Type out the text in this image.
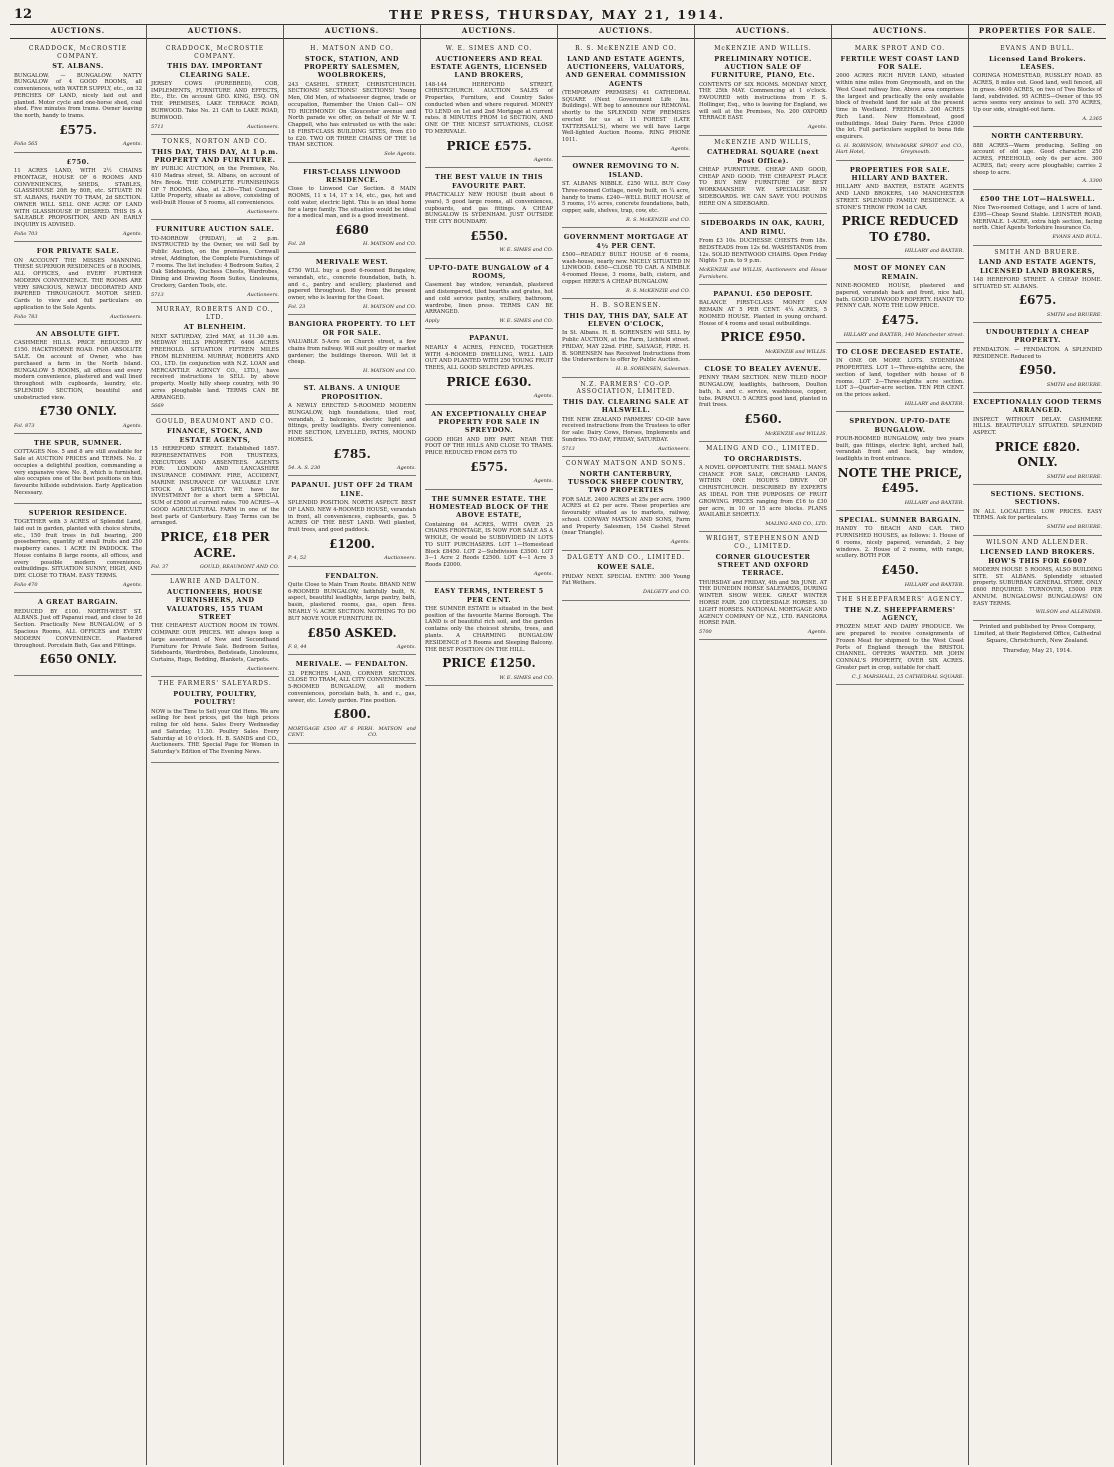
12	THE PRESS, THURSDAY, MAY 21, 1914.
AUCTIONS.
CRADDOCK, McCROSTIE COMPANY.
ST. ALBANS.

BUNGALOW. — BUNGALOW. NATTY BUNGALOW of 4 GOOD ROOMS, all conveniences, with WATER SUPPLY, etc., on 32 PERCHES OF LAND, nicely laid out and planted. Motor cycle and one-horse shed, coal shed. Five minutes from trams. Owner leaving the north, handy to trams.

£575.
Folio 565	Agents.
£750.

11 ACRES LAND, WITH 2½ CHAINS FRONTAGE, HOUSE OF 6 ROOMS AND CONVENIENCES, SHEDS, STABLES, GLASSHOUSE 20ft by 80ft, etc. SITUATE IN ST. ALBANS, HANDY TO TRAM, 2d SECTION. OWNER WILL SELL ONE ACRE OF LAND WITH GLASSHOUSE IF DESIRED. THIS IS A SALEABLE PROPOSITION, AND AN EARLY INQUIRY IS ADVISED.

Folio 703	Agents.
FOR PRIVATE SALE.

ON ACCOUNT THE MISSES MANNING. THESE SUPERIOR RESIDENCES of 8 ROOMS, ALL OFFICES, and EVERY FURTHER MODERN CONVENIENCE. THE ROOMS ARE VERY SPACIOUS, NEWLY DECORATED AND PAPERED THROUGHOUT. MOTOR SHED. Cards to view and full particulars on application to the Sole Agents.

Folio 783	Auctioneers.
AN ABSOLUTE GIFT.

CASHMERE HILLS. PRICE REDUCED BY £150. HACKTHORNE ROAD. FOR ABSOLUTE SALE. On account of Owner, who has purchased a farm in the North Island. BUNGALOW 5 ROOMS, all offices and every modern convenience, plastered and wall lined throughout with cupboards, laundry, etc. SPLENDID SECTION, beautiful and unobstructed view.

£730 ONLY.
Fol. 873	Agents.
THE SPUR, SUMNER.

COTTAGES Nos. 5 and 8 are still available for Sale at AUCTION PRICES and TERMS. No. 2 occupies a delightful position, commanding a very expansive view. No. 8, which is furnished, also occupies one of the best positions on this favourite hillside subdivision. Early Application Necessary.

SUPERIOR RESIDENCE.

TOGETHER with 3 ACRES of Splendid Land, laid out in garden, planted with choice shrubs, etc., 150 fruit trees in full bearing, 200 gooseberries, quantity of small fruits and 250 raspberry canes. 1 ACRE IN PADDOCK. The House contains 8 large rooms, all offices, and every possible modern convenience, outbuildings. SITUATION SUNNY, HIGH, AND DRY. CLOSE TO TRAM. EASY TERMS.

Folio 470	Agents.
A GREAT BARGAIN.

REDUCED BY £100. NORTH-WEST ST. ALBANS. Just off Papanui road, and close to 2d Section. Practically New BUNGALOW, of 5 Spacious Rooms, ALL OFFICES and EVERY MODERN CONVENIENCE. Plastered throughout. Porcelain Bath, Gas and Fittings.

£650 ONLY.
AUCTIONS.
CRADDOCK, McCROSTIE COMPANY.
THIS DAY. IMPORTANT CLEARING SALE.

JERSEY COWS (PUREBRED), COB, IMPLEMENTS, FURNITURE AND EFFECTS, Etc., Etc. On account GEO. KING, ESQ. ON THE PREMISES, LAKE TERRACE ROAD, BURWOOD. Take No. 21 CAR to LAKE ROAD, BURWOOD.

5711	Auctioneers.
TONKS, NORTON AND CO.
THIS DAY, THIS DAY, At 1 p.m. PROPERTY AND FURNITURE.

BY PUBLIC AUCTION, on the Premises, No. 410 Madras street, St. Albans, on account of Mrs Brook. THE COMPLETE FURNISHINGS OF 7 ROOMS. Also, at 2.30—That Compact Little Property, situate as above, consisting of well-built House of 5 rooms, all conveniences.

Auctioneers.
FURNITURE AUCTION SALE.

TO-MORROW (FRIDAY), at 2 p.m. INSTRUCTED by the Owner, we will Sell by Public Auction, on the premises, Cornwall street, Addington, the Complete Furnishings of 7 rooms. The list includes: 4 Bedroom Suites, 2 Oak Sideboards, Duchess Chests, Wardrobes, Dining and Drawing Room Suites, Linoleums, Crockery, Garden Tools, etc.

5713	Auctioneers.
MURRAY, ROBERTS AND CO., LTD.
AT BLENHEIM.

NEXT SATURDAY, 23rd MAY, at 11.30 a.m. MEDWAY HILLS PROPERTY. 6466 ACRES FREEHOLD. SITUATION FIFTEEN MILES FROM BLENHEIM. MURRAY, ROBERTS AND CO., LTD. (in conjunction with N.Z. LOAN and MERCANTILE AGENCY CO., LTD.), have received instructions to SELL by above property. Mostly hilly sheep country, with 90 acres ploughable land. TERMS CAN BE ARRANGED.

5669
GOULD, BEAUMONT AND CO.
FINANCE, STOCK, AND ESTATE AGENTS,

15 HEREFORD STREET. Established 1857. REPRESENTATIVES FOR TRUSTEES, EXECUTORS AND ABSENTEES. AGENTS FOR: LONDON AND LANCASHIRE INSURANCE COMPANY. FIRE, ACCIDENT, MARINE INSURANCE OF VALUABLE LIVE STOCK A SPECIALITY. WE have for INVESTMENT for a short term a SPECIAL SUM of £5000 at current rates. 700 ACRES—A GOOD AGRICULTURAL FARM in one of the best parts of Canterbury. Easy Terms can be arranged.

PRICE, £18 PER ACRE.
Fol. 37	GOULD, BEAUMONT AND CO.
LAWRIE AND DALTON.
AUCTIONEERS, HOUSE FURNISHERS, AND VALUATORS, 155 TUAM STREET

THE CHEAPEST AUCTION ROOM IN TOWN. COMPARE OUR PRICES. WE always keep a large assortment of New and Secondhand Furniture for Private Sale. Bedroom Suites, Sideboards, Wardrobes, Bedsteads, Linoleums, Curtains, Rugs, Bedding, Blankets, Carpets.

Auctioneers.
THE FARMERS' SALEYARDS.
POULTRY, POULTRY, POULTRY!

NOW is the Time to Sell your Old Hens. We are selling for best prices, get the high prices ruling for old hens. Sales Every Wednesday and Saturday, 11.30. Poultry Sales Every Saturday at 10 o'clock. H. B. SANDS and CO., Auctioneers. THE Special Page for Women in Saturday's Edition of The Evening News.

AUCTIONS.
H. MATSON AND CO.
STOCK, STATION, AND PROPERTY SALESMEN, WOOLBROKERS,

243 CASHEL STREET, CHRISTCHURCH. SECTIONS! SECTIONS! SECTIONS! Young Men, Old Men, of whatsoever degree, trade or occupation, Remember the Union Call— ON TO RICHMOND! On Gloucester avenue and North parade we offer, on behalf of Mr W. T. Chappell, who has entrusted us with the sale: 18 FIRST-CLASS BUILDING SITES, from £10 to £20. TWO OR THREE CHAINS OF THE 1d TRAM SECTION.

Sole Agents.
FIRST-CLASS LINWOOD RESIDENCE.

Close to Linwood Car Section. 8 MAIN ROOMS, 11 x 14, 17 x 14, etc., gas, hot and cold water, electric light. This is an ideal home for a large family. The situation would be ideal for a medical man, and is a good investment.

£680
Fol. 28	H. MATSON and CO.
MERIVALE WEST.

£750 WILL buy a good 6-roomed Bungalow, verandah, etc., concrete foundation, bath, h. and c., pantry and scullery, plastered and papered throughout. Buy from the present owner, who is leaving for the Coast.

Fol. 23	H. MATSON and CO.
BANGIORA PROPERTY. TO LET OR FOR SALE.

VALUABLE 5-Acre on Church street, a few chains from railway. Will suit poultry or market gardener; the buildings thereon. Will let it cheap.

H. MATSON and CO.
ST. ALBANS. A UNIQUE PROPOSITION.

A NEWLY ERECTED 5-ROOMED MODERN BUNGALOW, high foundations, tiled roof, verandah, 2 balconies, electric light and fittings, pretty leadlights. Every convenience. FINE SECTION, LEVELLED, PATHS, MOUND HORSES.

£785.
54. A. S. 230	Agents.
PAPANUI. JUST OFF 2d TRAM LINE.

SPLENDID POSITION. NORTH ASPECT. BEST OF LAND. NEW 4-ROOMED HOUSE, verandah in front, all conveniences, cupboards, gas. 5 ACRES OF THE BEST LAND. Well planted, fruit trees, and good paddock.

£1200.
P. 4, 52	Auctioneers.
FENDALTON.

Quite Close to Main Tram Route. BRAND NEW 6-ROOMED BUNGALOW, faithfully built, N. aspect, beautiful leadlights, large pantry, bath, basin, plastered rooms, gas, open fires. NEARLY ¼ ACRE SECTION. NOTHING TO DO BUT MOVE YOUR FURNITURE IN.

£850 ASKED.
F. 8, 44	Agents.
MERIVALE. — FENDALTON.

32 PERCHES LAND, CORNER SECTION. CLOSE TO TRAM, ALL CITY CONVENIENCES. 5-ROOMED BUNGALOW, all modern conveniences, porcelain bath, h. and c., gas, sewer, etc. Lovely garden. Fine position.

£800.
MORTGAGE £500 AT 6 PER CENT.
H. MATSON and CO.
AUCTIONS.
W. E. SIMES AND CO.
AUCTIONEERS AND REAL ESTATE AGENTS, LICENSED LAND BROKERS,

148-144 HEREFORD STREET, CHRISTCHURCH. AUCTION SALES of Properties, Furniture, and Country Sales conducted when and where required. MONEY TO LEND on 1st and 2nd Mortgage at current rates. 8 MINUTES FROM 1d SECTION, AND ONE OF THE NICEST SITUATIONS, CLOSE TO MERIVALE.

PRICE £575.
Agents.
THE BEST VALUE IN THIS FAVOURITE PART.

PRACTICALLY NEW HOUSE (built about 6 years), 5 good large rooms, all conveniences, cupboards, and gas fittings. A CHEAP BUNGALOW IS SYDENHAM. JUST OUTSIDE THE CITY BOUNDARY.

£550.
W. E. SIMES and CO.
UP-TO-DATE BUNGALOW of 4 ROOMS,

Casement bay window, verandah, plastered and distempered, tiled hearths and grates, hot and cold service pantry, scullery, bathroom, wardrobe, linen press. TERMS CAN BE ARRANGED.

Apply	W. E. SIMES and CO.
PAPANUI.

NEARLY 4 ACRES, FENCED, TOGETHER WITH 4-ROOMED DWELLING, WELL LAID OUT AND PLANTED WITH 250 YOUNG FRUIT TREES, ALL GOOD SELECTED APPLES.

PRICE £630.
Agents.
AN EXCEPTIONALLY CHEAP PROPERTY FOR SALE IN SPREYDON.

GOOD HIGH AND DRY PART. NEAR THE FOOT OF THE HILLS AND CLOSE TO TRAMS. PRICE REDUCED FROM £675 TO

£575.
Agents.
THE SUMNER ESTATE. THE HOMESTEAD BLOCK OF THE ABOVE ESTATE,

Containing 64 ACRES, WITH OVER 25 CHAINS FRONTAGE, IS NOW FOR SALE AS A WHOLE, Or would be SUBDIVIDED IN LOTS TO SUIT PURCHASERS. LOT 1—Homestead Block £8450. LOT 2—Subdivision £3500. LOT 3—1 Acre 2 Roods £2500. LOT 4—1 Acre 3 Roods £2000.

Agents.
EASY TERMS, INTEREST 5 PER CENT.

THE SUMNER ESTATE is situated in the best position of the favourite Marine Borough. The LAND is of beautiful rich soil, and the garden contains only the choicest shrubs, trees, and plants. A CHARMING BUNGALOW RESIDENCE of 5 Rooms and Sleeping Balcony. THE BEST POSITION ON THE HILL.

PRICE £1250.
W. E. SIMES and CO.
AUCTIONS.
R. S. McKENZIE AND CO.
LAND AND ESTATE AGENTS, AUCTIONEERS, VALUATORS, AND GENERAL COMMISSION AGENTS

(TEMPORARY PREMISES) 41 CATHEDRAL SQUARE (Next Government Life Ins. Buildings). WE beg to announce our REMOVAL shortly to the SPLENDID NEW PREMISES erected for us at 11 FOREST (LATE TATTERSALL'S), where we will have Large Well-lighted Auction Rooms. RING PHONE 1011.

Agents.
OWNER REMOVING TO N. ISLAND.

ST. ALBANS NIBBLE. £250 WILL BUY Cosy Three-roomed Cottage, newly built, on ¼ acre, handy to trams. £240—WELL BUILT HOUSE of 5 rooms, 1½ acres, concrete foundations, bath, copper, safe, shelves, trap, cow, etc.

R. S. McKENZIE and CO.
GOVERNMENT MORTGAGE AT 4½ PER CENT.

£500—READILY BUILT HOUSE of 6 rooms, wash-house, nearly new. NICELY SITUATED IN LINWOOD. £450—CLOSE TO CAR. A NIMBLE 4-roomed House, 3 rooms, bath, cistern, and copper. HERE'S A CHEAP BUNGALOW.

R. S. McKENZIE and CO.
H. B. SORENSEN.
THIS DAY, THIS DAY, SALE AT ELEVEN O'CLOCK,

In St. Albans. H. B. SORENSEN will SELL by Public AUCTION, at the Farm, Lichfield street. FRIDAY, MAY 22nd. FIRE, SALVAGE, FIRE. H. B. SORENSEN has Received Instructions from the Underwriters to offer by Public Auction.

H. B. SORENSEN, Salesman.
N.Z. FARMERS' CO-OP. ASSOCIATION, LIMITED.
THIS DAY. CLEARING SALE AT HALSWELL.

THE NEW ZEALAND FARMERS' CO-OP. have received instructions from the Trustees to offer for sale: Dairy Cows, Horses, Implements and Sundries. TO-DAY, FRIDAY, SATURDAY.

5713	Auctioneers.
CONWAY MATSON AND SONS.
NORTH CANTERBURY, TUSSOCK SHEEP COUNTRY, TWO PROPERTIES

FOR SALE. 2400 ACRES at 25s per acre. 1900 ACRES at £2 per acre. These properties are favourably situated as to markets, railway, school. CONWAY MATSON AND SONS, Farm and Property Salesmen, 154 Cashel Street (near Triangle).

Agents.
DALGETY AND CO., LIMITED.
KOWEE SALE.

FRIDAY NEXT. SPECIAL ENTRY: 300 Young Fat Wethers.

DALGETY and CO.
AUCTIONS.
McKENZIE AND WILLIS.
PRELIMINARY NOTICE. AUCTION SALE OF FURNITURE, PIANO, Etc.

CONTENTS OF SIX ROOMS. MONDAY NEXT, THE 25th MAY. Commencing at 1 o'clock. FAVOURED with instructions from F. S. Hollinger, Esq., who is leaving for England, we will sell at the Premises, No. 200 OXFORD TERRACE EAST.

Agents.
McKENZIE AND WILLIS,
CATHEDRAL SQUARE (next Post Office).

CHEAP FURNITURE. CHEAP AND GOOD, CHEAP AND GOOD. THE CHEAPEST PLACE TO BUY NEW FURNITURE OF BEST WORKMANSHIP. WE SPECIALISE IN SIDEBOARDS. WE CAN SAVE YOU POUNDS HERE ON A SIDEBOARD.

SIDEBOARDS IN OAK, KAURI, AND RIMU.

From £3 10s. DUCHESSE CHESTS from 18s. BEDSTEADS from 12s 6d. WASHSTANDS from 12s. SOLID BENTWOOD CHAIRS. Open Friday Nights 7 p.m. to 9 p.m.

McKENZIE and WILLIS, Auctioneers and House Furnishers.
PAPANUI. £50 DEPOSIT.

BALANCE FIRST-CLASS MONEY CAN REMAIN AT 5 PER CENT. 4¼ ACRES, 5 ROOMED HOUSE. Planted in young orchard. House of 4 rooms and usual outbuildings.

PRICE £950.
McKENZIE and WILLIS.
CLOSE TO BEALEY AVENUE.

PENNY TRAM SECTION. NEW TILED ROOF BUNGALOW, leadlights, bathroom, Doulton bath, h. and c. service, washhouse, copper, tubs. PAPANUI. 5 ACRES good land, planted in fruit trees.

£560.
McKENZIE and WILLIS.
MALING AND CO., LIMITED.
TO ORCHARDISTS.

A NOVEL OPPORTUNITY. THE SMALL MAN'S CHANCE FOR SALE, ORCHARD LANDS, WITHIN ONE HOUR'S DRIVE OF CHRISTCHURCH. DESCRIBED BY EXPERTS AS IDEAL FOR THE PURPOSES OF FRUIT GROWING. PRICES ranging from £16 to £30 per acre, in 10 or 15 acre blocks. PLANS AVAILABLE SHORTLY.

MALING AND CO., LTD.
WRIGHT, STEPHENSON AND CO., LIMITED.
CORNER GLOUCESTER STREET AND OXFORD TERRACE.

THURSDAY and FRIDAY, 4th and 5th JUNE. AT THE DUNEDIN HORSE SALEYARDS, DURING WINTER SHOW WEEK. GREAT WINTER HORSE FAIR. 200 CLYDESDALE HORSES. 30 LIGHT HORSES. NATIONAL MORTGAGE AND AGENCY COMPANY OF N.Z., LTD. RANGIORA HORSE FAIR.

5700	Agents.
AUCTIONS.
MARK SPROT AND CO.
FERTILE WEST COAST LAND FOR SALE.

2000 ACRES RICH RIVER LAND, situated within nine miles from Greymouth, and on the West Coast railway line. Above area comprises the largest and practically the only available block of freehold land for sale at the present time in Westland. FREEHOLD. 200 ACRES Rich Land. New Homestead, good outbuildings. Ideal Dairy Farm. Price £2000 the lot. Full particulars supplied to bona fide enquirers.

G. H. ROBINSON, White Hart Hotel,
MARK SPROT and CO., Greymouth.
PROPERTIES FOR SALE. HILLARY AND BAXTER.

HILLARY AND BAXTER, ESTATE AGENTS AND LAND BROKERS, 140 MANCHESTER STREET. SPLENDID FAMILY RESIDENCE. A STONE'S THROW FROM 1d CAR.

PRICE REDUCED TO £780.
HILLARY and BAXTER.
MOST OF MONEY CAN REMAIN.

NINE-ROOMED HOUSE, plastered and papered, verandah back and front, nice hall, bath. GOOD LINWOOD PROPERTY. HANDY TO PENNY CAR. NOTE THE LOW PRICE.

£475.
HILLARY and BAXTER, 140 Manchester street.
TO CLOSE DECEASED ESTATE.

IN ONE OR MORE LOTS. SYDENHAM PROPERTIES. LOT 1—Three-eighths acre, the section of land, together with house of 6 rooms. LOT 2—Three-eighths acre section. LOT 3—Quarter-acre section. TEN PER CENT. on the prices asked.

HILLARY and BAXTER.
SPREYDON. UP-TO-DATE BUNGALOW.

FOUR-ROOMED BUNGALOW, only two years built, gas fittings, electric light, arched hall, verandah front and back, bay window, leadlights in front entrance.

NOTE THE PRICE, £495.
HILLARY and BAXTER.
SPECIAL. SUMNER BARGAIN.

HANDY TO BEACH AND CAR. TWO FURNISHED HOUSES, as follows: 1. House of 6 rooms, nicely papered, verandah, 2 bay windows. 2. House of 2 rooms, with range, scullery. BOTH FOR

£450.
HILLARY and BAXTER.
THE SHEEPFARMERS' AGENCY.
THE N.Z. SHEEPFARMERS' AGENCY,

FROZEN MEAT AND DAIRY PRODUCE. We are prepared to receive consignments of Frozen Meat for shipment to the West Coast Ports of England through the BRISTOL CHANNEL. OFFERS WANTED. MR JOHN CONNAL'S PROPERTY, OVER SIX ACRES. Greater part in crop, suitable for chaff.

C. J. MARSHALL, 25 CATHEDRAL SQUARE.
PROPERTIES FOR SALE.
EVANS AND BULL.
Licensed Land Brokers. LEASES.

CORINGA HOMESTEAD, RUSSLEY ROAD. 85 ACRES, 8 miles out. Good land, well fenced, all in grass. 4600 ACRES, on two of Two Blocks of land, subdivided. 95 ACRES—Owner of this 95 acres seems very anxious to sell. 370 ACRES, Up our side, straight-out farm.

A. 2365
NORTH CANTERBURY.

888 ACRES—Warm producing. Selling on account of old age. Good character. 250 ACRES, FREEHOLD, only 6s per acre. 300 ACRES, flat; every acre ploughable; carries 2 sheep to acre.

A. 3300
£500 THE LOT—HALSWELL.

Nice Two-roomed Cottage, and 1 acre of land. £395—Cheap Sound Stable. LEINSTER ROAD, MERIVALE. 1-ACRE, extra high section, facing north. Chief Agents Yorkshire Insurance Co.

EVANS AND BULL.
SMITH AND BRUERE.
LAND AND ESTATE AGENTS, LICENSED LAND BROKERS,

148 HEREFORD STREET. A CHEAP HOME. SITUATED ST. ALBANS.

£675.
SMITH and BRUERE.
UNDOUBTEDLY A CHEAP PROPERTY.

FENDALTON. — FENDALTON. A SPLENDID RESIDENCE. Reduced to

£950.
SMITH and BRUERE.
EXCEPTIONALLY GOOD TERMS ARRANGED.

INSPECT WITHOUT DELAY. CASHMERE HILLS. BEAUTIFULLY SITUATED. SPLENDID ASPECT.

PRICE £820. ONLY.
SMITH and BRUERE.
SECTIONS. SECTIONS. SECTIONS.

IN ALL LOCALITIES. LOW PRICES. EASY TERMS. Ask for particulars.

SMITH and BRUERE.
WILSON AND ALLENDER.
LICENSED LAND BROKERS. HOW'S THIS FOR £600?

MODERN HOUSE 5 ROOMS, ALSO BUILDING SITE. ST. ALBANS. Splendidly situated property. SUBURBAN GENERAL STORE. ONLY £600 REQUIRED. TURNOVER, £5000 PER ANNUM. BUNGALOWS! BUNGALOWS! ON EASY TERMS.

WILSON and ALLENDER.
Printed and published by Press Company, Limited, at their Registered Office, Cathedral Square, Christchurch, New Zealand.
Thursday, May 21, 1914.
